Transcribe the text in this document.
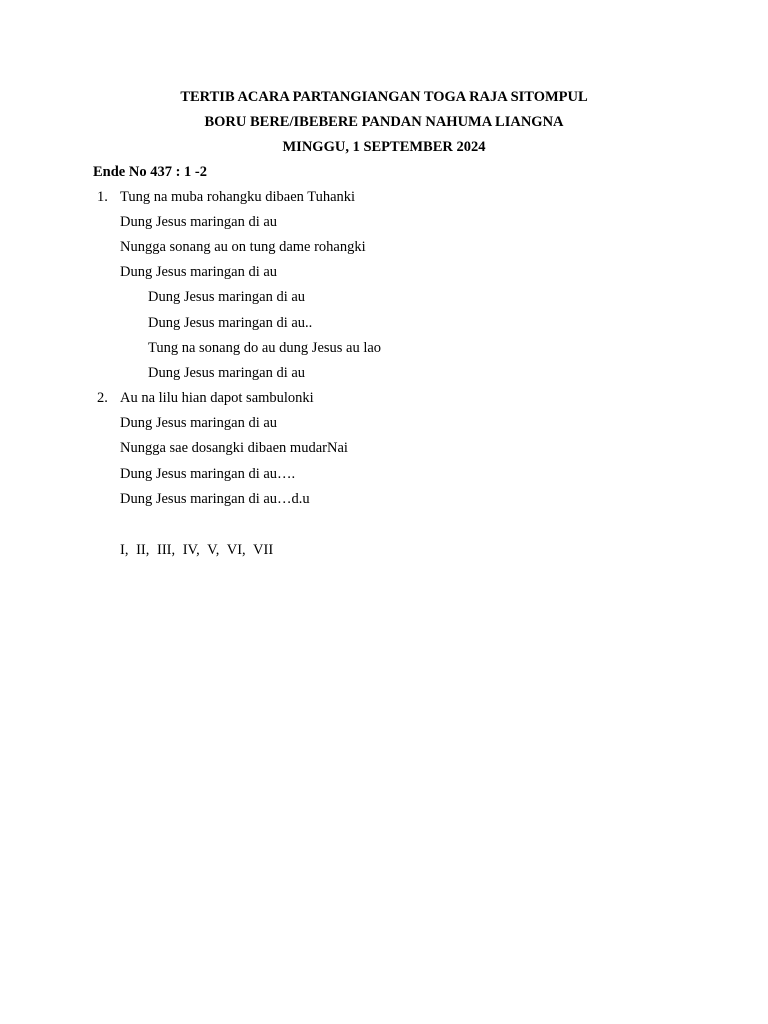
TERTIB ACARA PARTANGIANGAN TOGA RAJA SITOMPUL
BORU BERE/IBEBERE PANDAN NAHUMA LIANGNA
MINGGU, 1 SEPTEMBER 2024
Ende No 437 : 1 -2
1. Tung na muba rohangku dibaen Tuhanki
Dung Jesus maringan di au
Nungga sonang au on tung dame rohangki
Dung Jesus maringan di au
Dung Jesus maringan di au
Dung Jesus maringan di au..
Tung na sonang do au dung Jesus au lao
Dung Jesus maringan di au
2. Au na lilu hian dapot sambulonki
Dung Jesus maringan di au
Nungga sae dosangki dibaen mudarNai
Dung Jesus maringan di au….
Dung Jesus maringan di au…d.u
I, II, III, IV, V, VI, VII
